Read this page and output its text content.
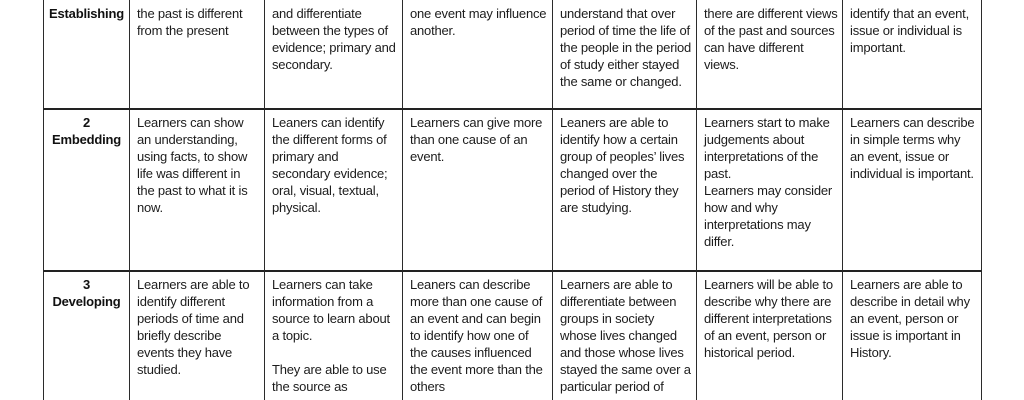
Establishing the past is different from the present
and differentiate between the types of evidence; primary and secondary.
one event may influence another.
understand that over period of time the life of the people in the period of study either stayed the same or changed.
there are different views of the past and sources can have different views.
identify that an event, issue or individual is important.
2
Embedding
Learners can show an understanding, using facts, to show life was different in the past to what it is now.
Leaners can identify the different forms of primary and secondary evidence; oral, visual, textual, physical.
Learners can give more than one cause of an event.
Leaners are able to identify how a certain group of peoples’ lives changed over the period of History they are studying.
Learners start to make judgements about interpretations of the past.
Learners may consider how and why interpretations may differ.
Learners can describe in simple terms why an event, issue or individual is important.
3
Developing
Learners are able to identify different periods of time and briefly describe events they have studied.
Learners can take information from a source to learn about a topic.

They are able to use the source as
Leaners can describe more than one cause of an event and can begin to identify how one of the causes influenced the event more than the others
Learners are able to differentiate between groups in society whose lives changed and those whose lives stayed the same over a particular period of
Learners will be able to describe why there are different interpretations of an event, person or historical period.
Learners are able to describe in detail why an event, person or issue is important in History.
